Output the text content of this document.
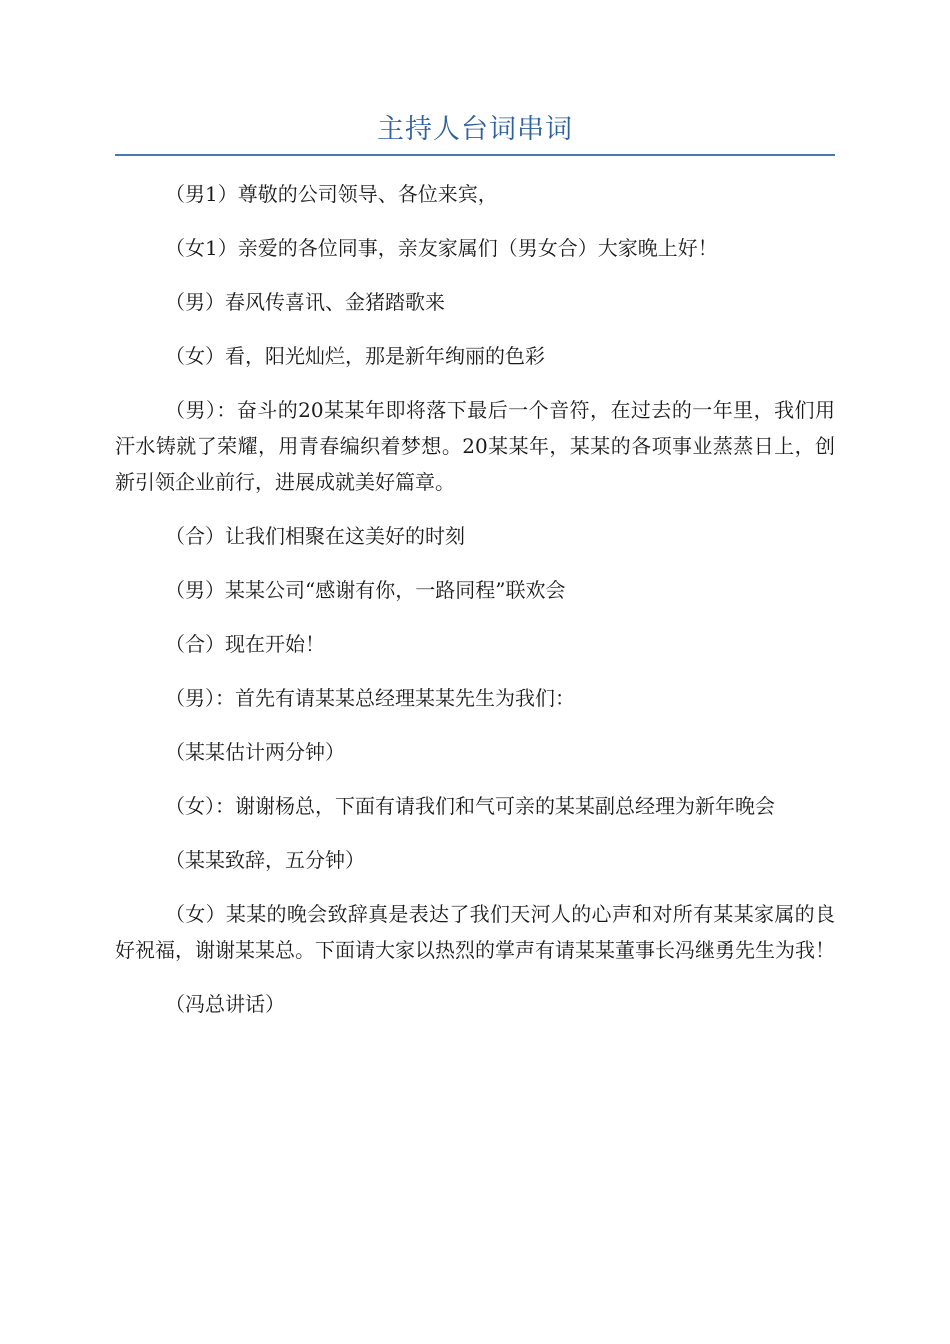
主持人台词串词

（男1）尊敬的公司领导、各位来宾，

（女1）亲爱的各位同事，亲友家属们（男女合）大家晚上好！

（男）春风传喜讯、金猪踏歌来

（女）看，阳光灿烂，那是新年绚丽的色彩

（男）：奋斗的20某某年即将落下最后一个音符，在过去的一年里，我们用汗水铸就了荣耀，用青春编织着梦想。20某某年，某某的各项事业蒸蒸日上，创新引领企业前行，进展成就美好篇章。

（合）让我们相聚在这美好的时刻

（男）某某公司“感谢有你，一路同程”联欢会

（合）现在开始！

（男）：首先有请某某总经理某某先生为我们：

（某某估计两分钟）

（女）：谢谢杨总，下面有请我们和气可亲的某某副总经理为新年晚会

（某某致辞，五分钟）

（女）某某的晚会致辞真是表达了我们天河人的心声和对所有某某家属的良好祝福，谢谢某某总。下面请大家以热烈的掌声有请某某董事长冯继勇先生为我！

（冯总讲话）
